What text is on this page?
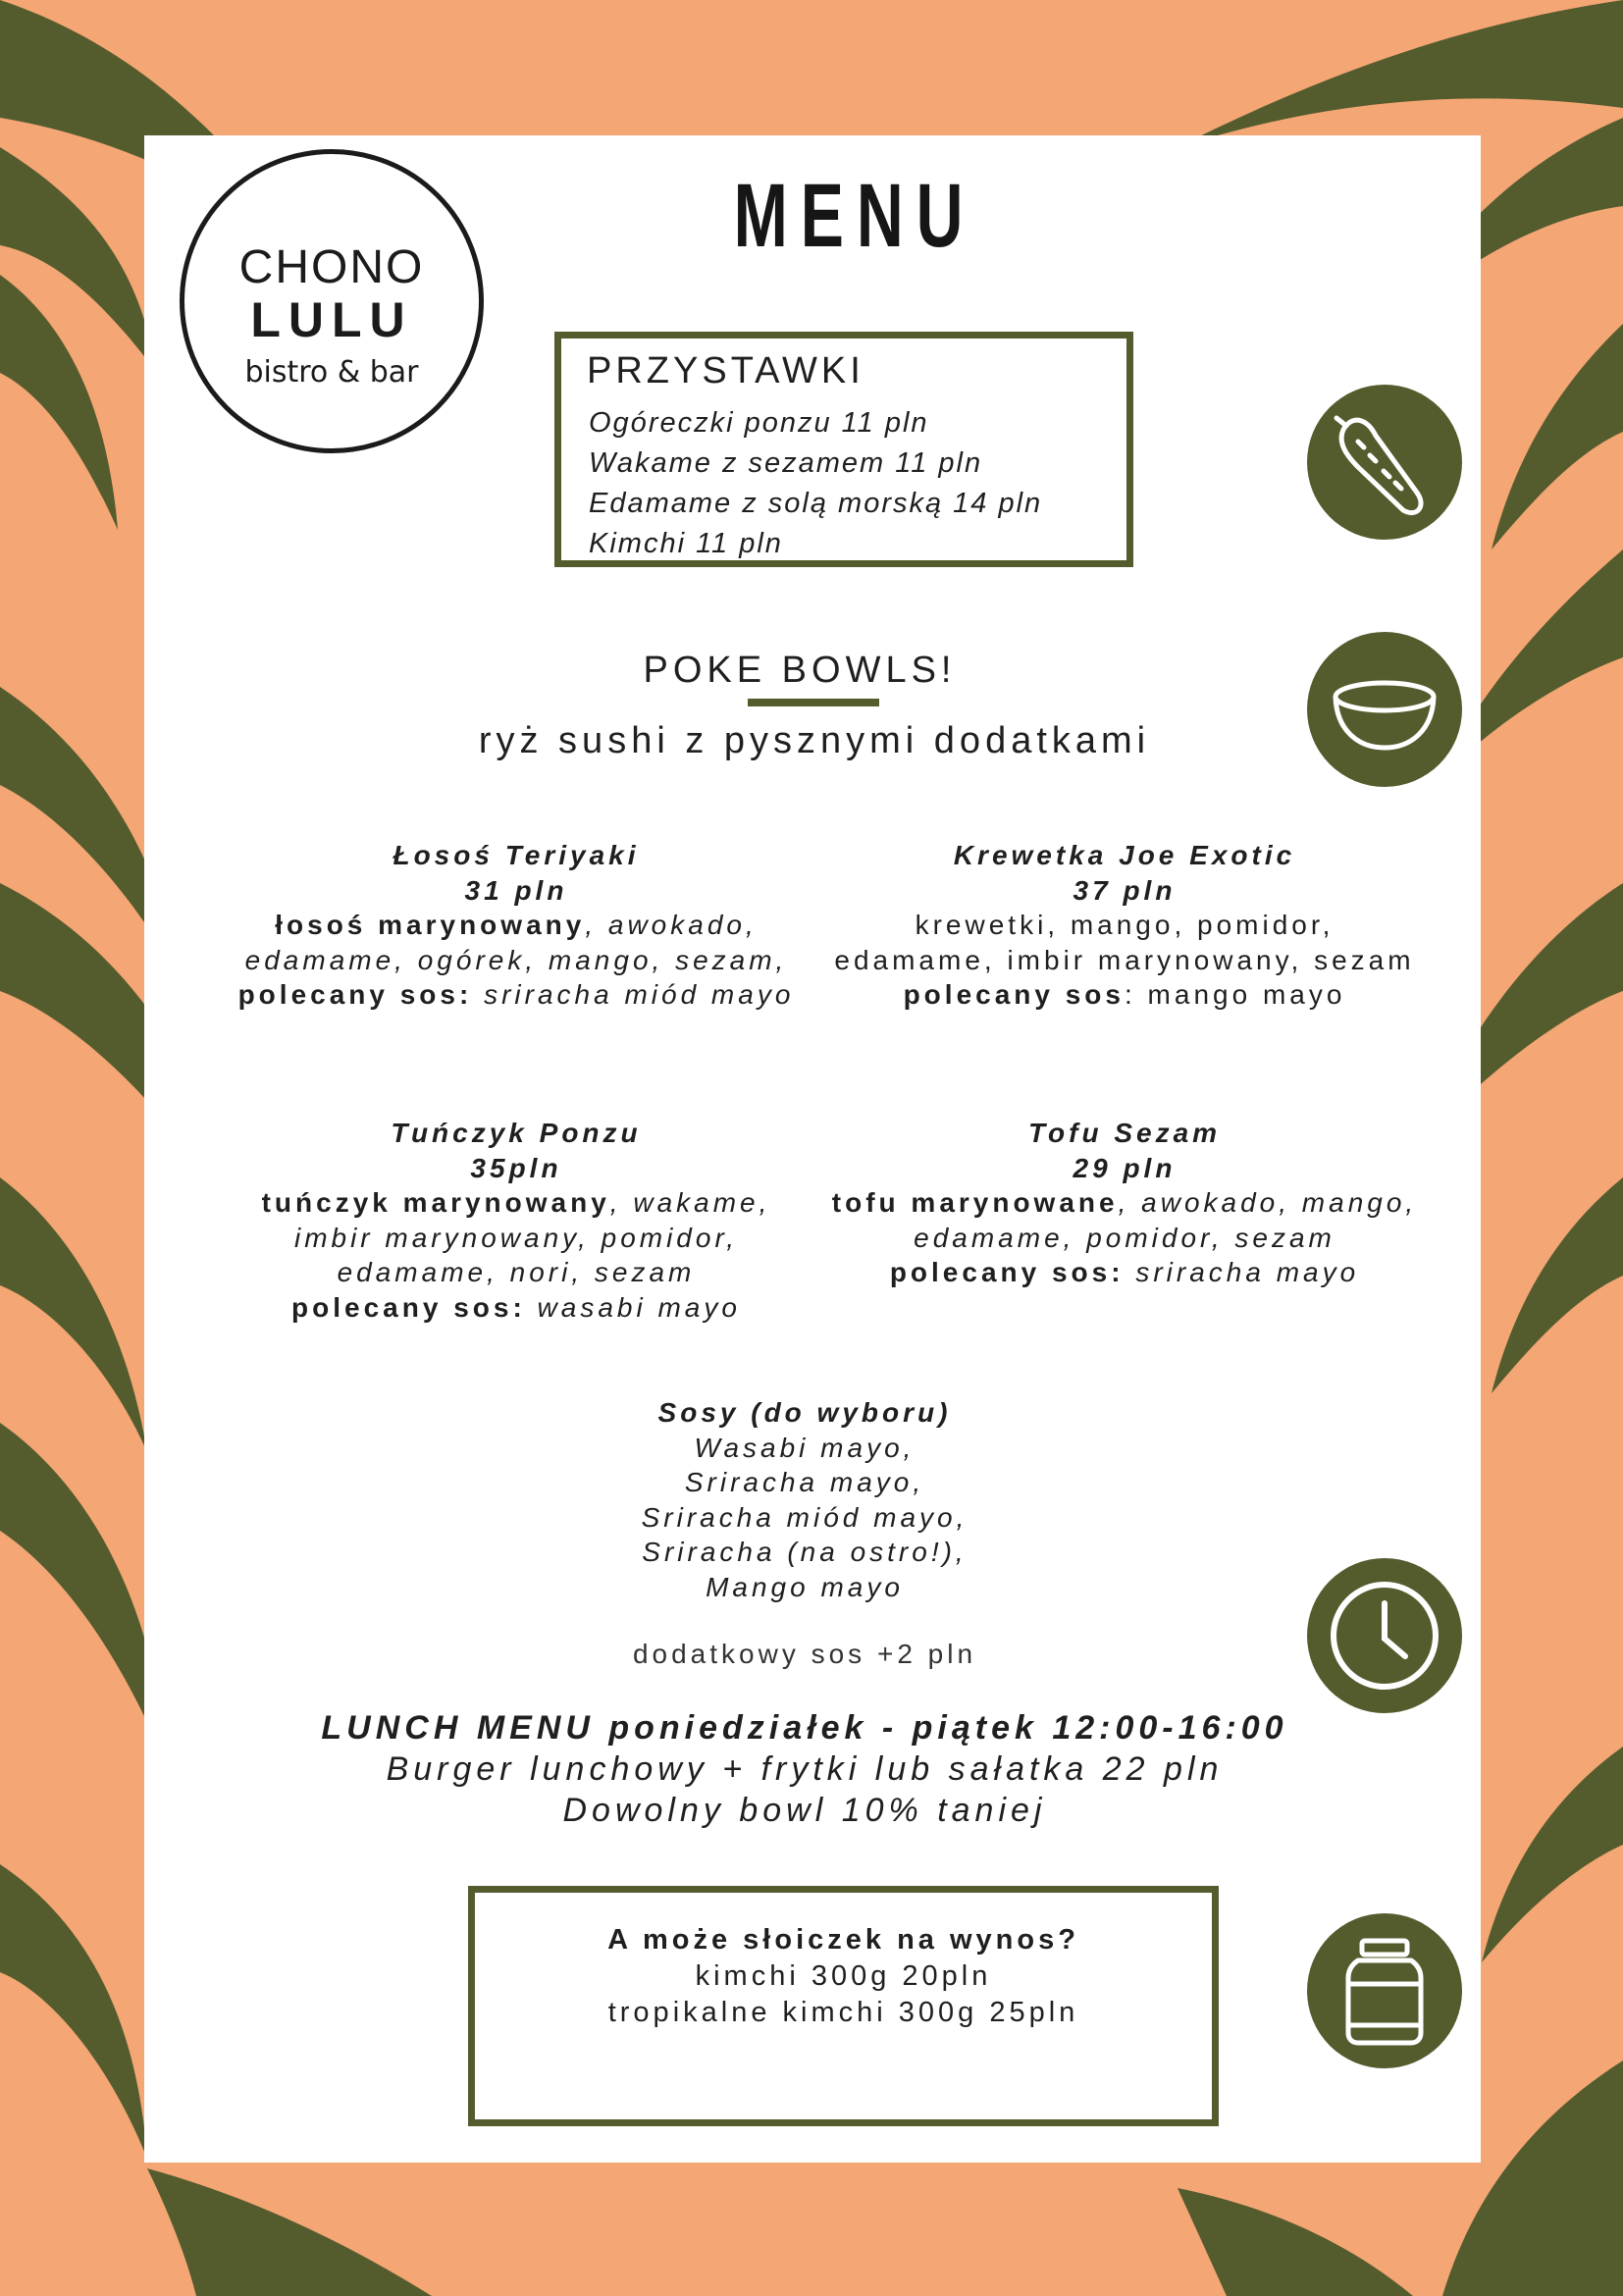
CHONO
LULU
bistro & bar
MENU
PRZYSTAWKI
Ogóreczki ponzu 11 pln
Wakame z sezamem 11 pln
Edamame z solą morską 14 pln
Kimchi 11 pln
POKE BOWLS!
ryż sushi z pysznymi dodatkami
Łosoś Teriyaki
31 pln
łosoś marynowany, awokado, edamame, ogórek, mango, sezam,
polecany sos: sriracha miód mayo
Krewetka Joe Exotic
37 pln
krewetki, mango, pomidor, edamame, imbir marynowany, sezam
polecany sos: mango mayo
Tuńczyk Ponzu
35pln
tuńczyk marynowany, wakame, imbir marynowany, pomidor, edamame, nori, sezam
polecany sos: wasabi mayo
Tofu Sezam
29 pln
tofu marynowane, awokado, mango, edamame, pomidor, sezam
polecany sos: sriracha mayo
Sosy (do wyboru)
Wasabi mayo,
Sriracha mayo,
Sriracha miód mayo,
Sriracha (na ostro!),
Mango mayo
dodatkowy sos +2 pln
LUNCH MENU poniedziałek - piątek 12:00-16:00
Burger lunchowy + frytki lub sałatka 22 pln
Dowolny bowl 10% taniej
A może słoiczek na wynos?
kimchi 300g 20pln
tropikalne kimchi 300g 25pln
